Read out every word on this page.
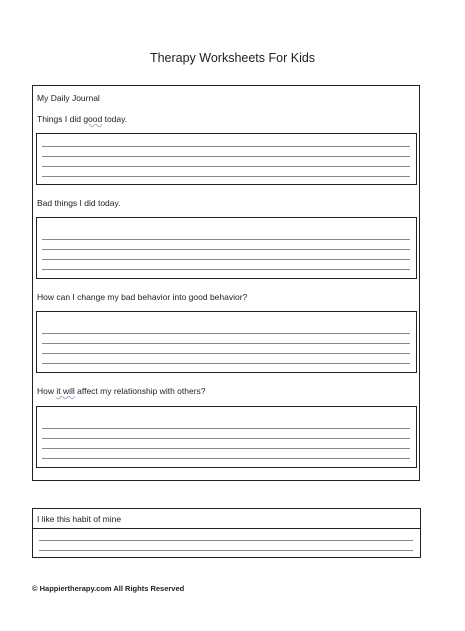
Therapy Worksheets For Kids
My Daily Journal
Things I did good today.
Bad things I did today.
How can I change my bad behavior into good behavior?
How it will affect my relationship with others?
I like this habit of mine
© Happiertherapy.com All Rights Reserved
